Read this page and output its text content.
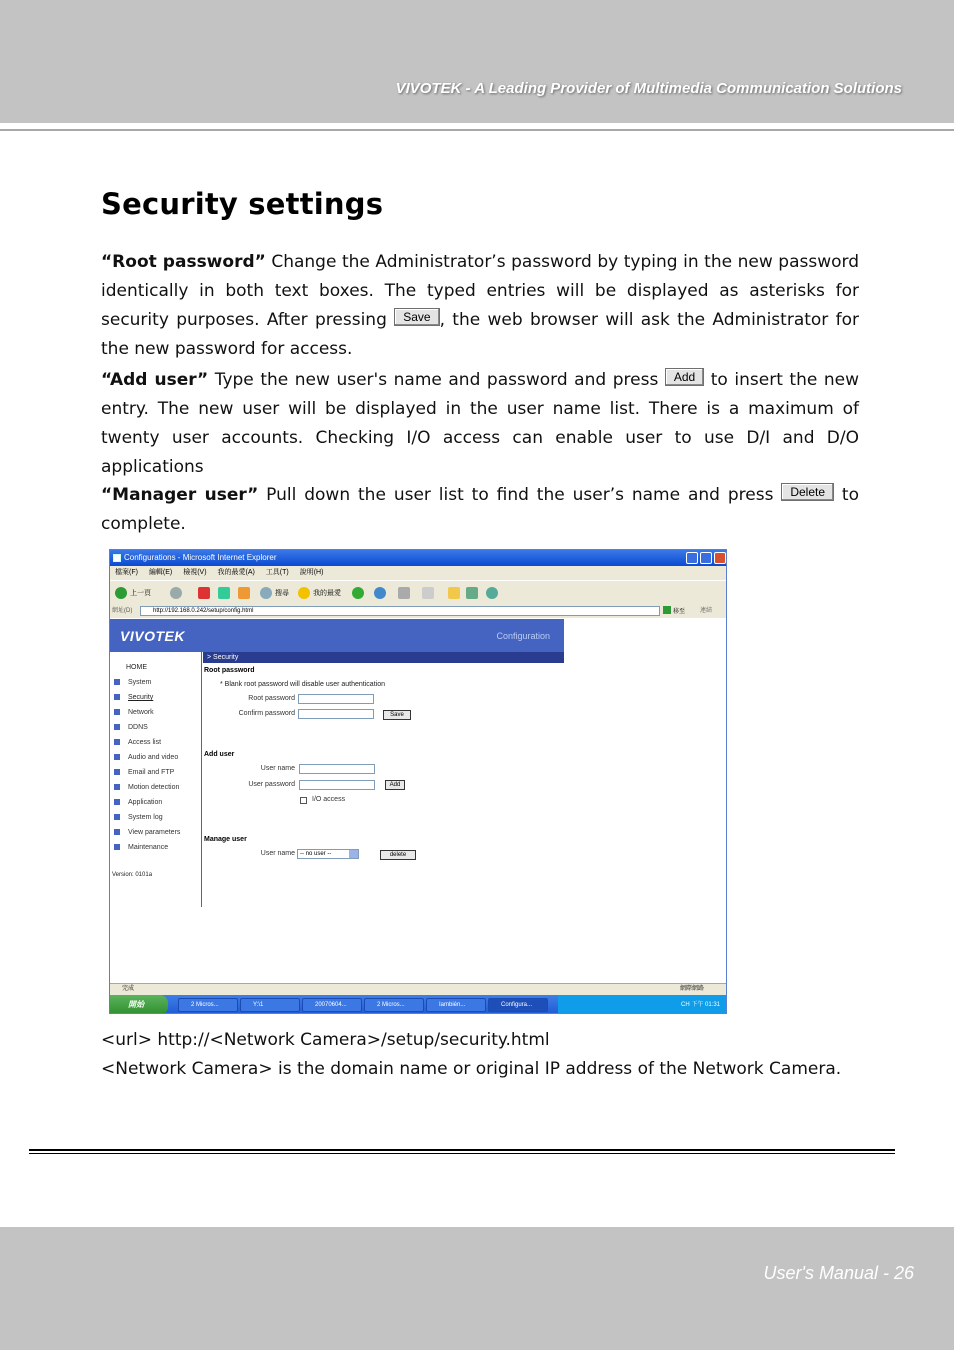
VIVOTEK - A Leading Provider of Multimedia Communication Solutions
Security settings

“Root password” Change the Administrator’s password by typing in the new password identically in both text boxes. The typed entries will be displayed as asterisks for security purposes. After pressing Save , the web browser will ask the Administrator for the new password for access.

“Add user” Type the new user's name and password and press Add to insert the new entry. The new user will be displayed in the user name list. There is a maximum of twenty user accounts. Checking I/O access can enable user to use D/I and D/O applications

“Manager user” Pull down the user list to find the user’s name and press Delete to complete.

Configurations - Microsoft Internet Explorer
檔案(F) 編輯(E) 檢視(V) 我的最愛(A) 工具(T) 說明(H)
上一頁	搜尋	我的最愛
網址(D)	http://192.168.0.242/setup/config.html	移至	連結
VIVOTEK	Configuration
HOME
System
Security
Network
DDNS
Access list
Audio and video
Email and FTP
Motion detection
Application
System log
View parameters
Maintenance
Version: 0101a
> Security
Root password
* Blank root password will disable user authentication
Root password
Confirm password	Save
Add user
User name
User password	Add
I/O access
Manage user
User name -- no user --	delete
完成	網際網路
開始	2 Micros...	Y:\1	20070604...	2 Micros...	Iambién...	Configura...	CH 下午 01:31
<url> http://<Network Camera>/setup/security.html
<Network Camera> is the domain name or original IP address of the Network Camera.
User's Manual - 26
